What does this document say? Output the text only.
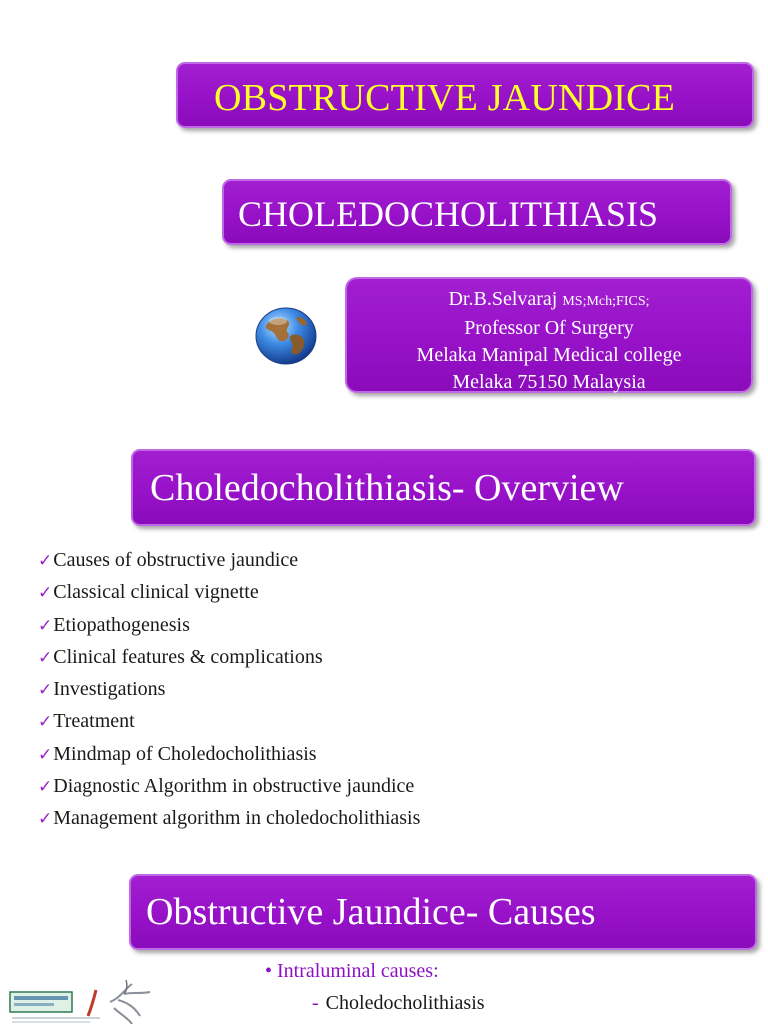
OBSTRUCTIVE JAUNDICE
CHOLEDOCHOLITHIASIS
Dr.B.Selvaraj MS;Mch;FICS;
Professor Of Surgery
Melaka Manipal Medical college
Melaka 75150 Malaysia
Choledocholithiasis- Overview
✓Causes of obstructive jaundice
✓Classical clinical vignette
✓Etiopathogenesis
✓Clinical features & complications
✓Investigations
✓Treatment
✓Mindmap of Choledocholithiasis
✓Diagnostic Algorithm in obstructive jaundice
✓Management algorithm in choledocholithiasis
Obstructive Jaundice- Causes
• Intraluminal causes:
- Choledocholithiasis
